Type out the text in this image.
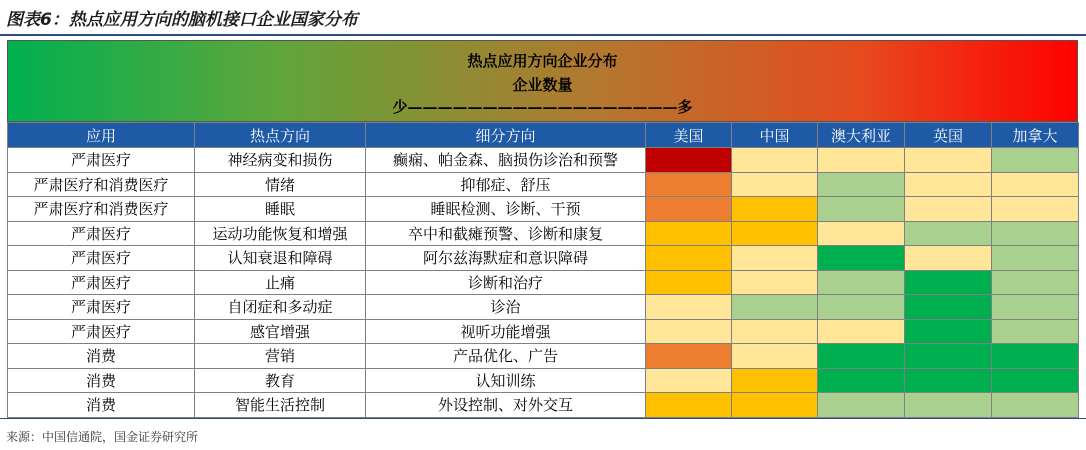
图表6：热点应用方向的脑机接口企业国家分布
热点应用方向企业分布
企业数量
少——————————————————多
应用	热点方向	细分方向	美国	中国	澳大利亚	英国	加拿大
严肃医疗	神经病变和损伤	癫痫、帕金森、脑损伤诊治和预警					
严肃医疗和消费医疗	情绪	抑郁症、舒压					
严肃医疗和消费医疗	睡眠	睡眠检测、诊断、干预					
严肃医疗	运动功能恢复和增强	卒中和截瘫预警、诊断和康复					
严肃医疗	认知衰退和障碍	阿尔兹海默症和意识障碍					
严肃医疗	止痛	诊断和治疗					
严肃医疗	自闭症和多动症	诊治					
严肃医疗	感官增强	视听功能增强					
消费	营销	产品优化、广告					
消费	教育	认知训练					
消费	智能生活控制	外设控制、对外交互					
来源：中国信通院，国金证券研究所
